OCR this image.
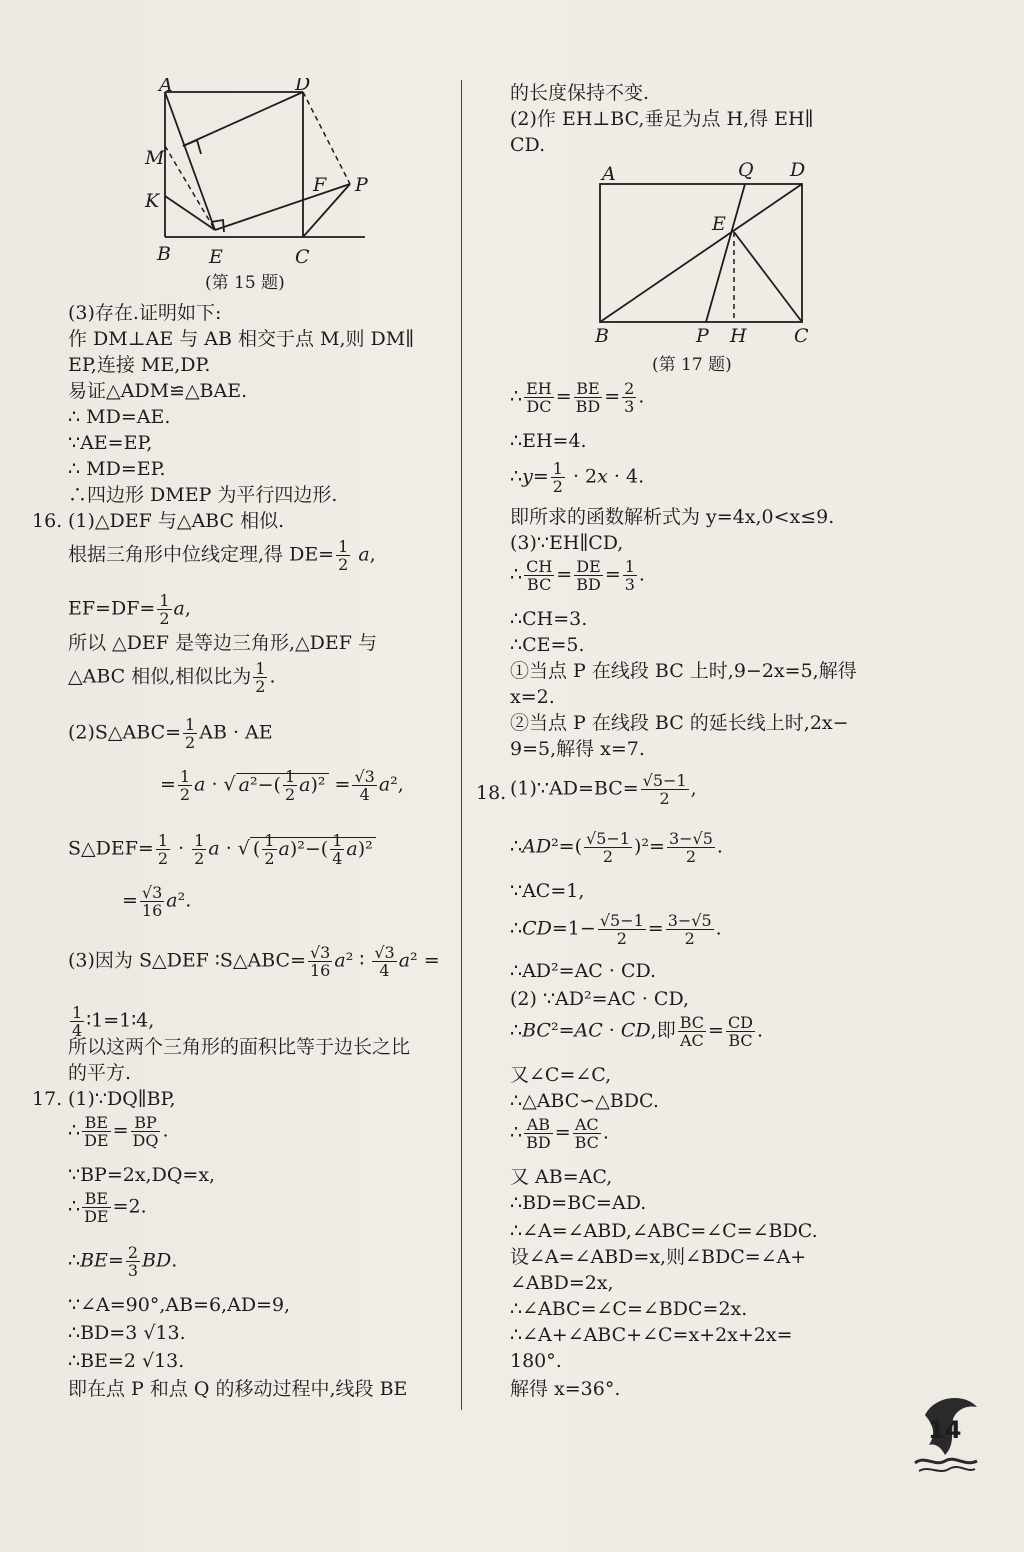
A	D
M
K
F P
B E	C
(第 15 题)
(3)存在.证明如下:
作 DM⊥AE 与 AB 相交于点 M,则 DM∥
EP,连接 ME,DP.
易证△ADM≌△BAE.
∴ MD=AE.
∵AE=EP,
∴ MD=EP.
∴四边形 DMEP 为平行四边形.
16. (1)△DEF 与△ABC 相似.
根据三角形中位线定理,得 $DE= \frac{1}{2} a$,
$EF=DF= \frac{1}{2} a$,
所以 △DEF 是等边三角形,△DEF 与
△ABC 相似,相似比为 $\frac{1}{2}$ .
(2)S△ABC= $\frac{1}{2}$ AB · AE
= $\frac{1}{2}$ a · √ $a^2-( \frac{1}{2} a)^2 = \frac{√3}{4} a^2$,
S△DEF= $\frac{1}{2} \cdot \frac{1}{2}$ a · √ ( $\frac{1}{2} a)^2-( \frac{1}{4} a)^2$
= $\frac{√3}{16} a^2$.
(3)因为 S△DEF ∶S△ABC= $\frac{√3}{16} a^2$ ∶ $\frac{√3}{4} a^2$ =
$\frac{1}{4}$ ∶1=1∶4,
所以这两个三角形的面积比等于边长之比
的平方.
17. (1)∵DQ∥BP,
∴ $\frac{BE}{DE} = \frac{BP}{DQ}$ .
∵BP=2x,DQ=x,
∴ $\frac{BE}{DE} =2$.
∴BE= $\frac{2}{3}$ BD.
∵∠A=90°,AB=6,AD=9,
∴BD=3 √13.
∴BE=2 √13.
即在点 P 和点 Q 的移动过程中,线段 BE
的长度保持不变.
(2)作 EH⊥BC,垂足为点 H,得 EH∥
CD.
A	Q D
E
B	P H C
(第 17 题)
∴ $\frac{EH}{DC} = \frac{BE}{BD} = \frac{2}{3}$ .
∴EH=4.
∴y= $\frac{1}{2} \cdot 2x \cdot 4$.
即所求的函数解析式为 y=4x,0<x≤9.
(3)∵EH∥CD,
∴ $\frac{CH}{BC} = \frac{DE}{BD} = \frac{1}{3}$ .
∴CH=3.
∴CE=5.
①当点 P 在线段 BC 上时,9−2x=5,解得
x=2.
②当点 P 在线段 BC 的延长线上时,2x−
9=5,解得 x=7.
18. (1)∵AD=BC= $\frac{√5-1}{2}$ ,
∴AD²=( $\frac{√5-1}{2} )^2= \frac{3-√5}{2}$ .
∵AC=1,
∴CD=1− $\frac{√5-1}{2} = \frac{3-√5}{2}$ .
∴AD²=AC · CD.
(2) ∵AD²=AC · CD,
∴BC²=AC · CD,即 $\frac{BC}{AC} = \frac{CD}{BC}$ .
又∠C=∠C,
∴△ABC∽△BDC.
∴ $\frac{AB}{BD} = \frac{AC}{BC}$ .
又 AB=AC,
∴BD=BC=AD.
∴∠A=∠ABD,∠ABC=∠C=∠BDC.
设∠A=∠ABD=x,则∠BDC=∠A+
∠ABD=2x,
∴∠ABC=∠C=∠BDC=2x.
∴∠A+∠ABC+∠C=x+2x+2x=
180°.
解得 x=36°.
14
